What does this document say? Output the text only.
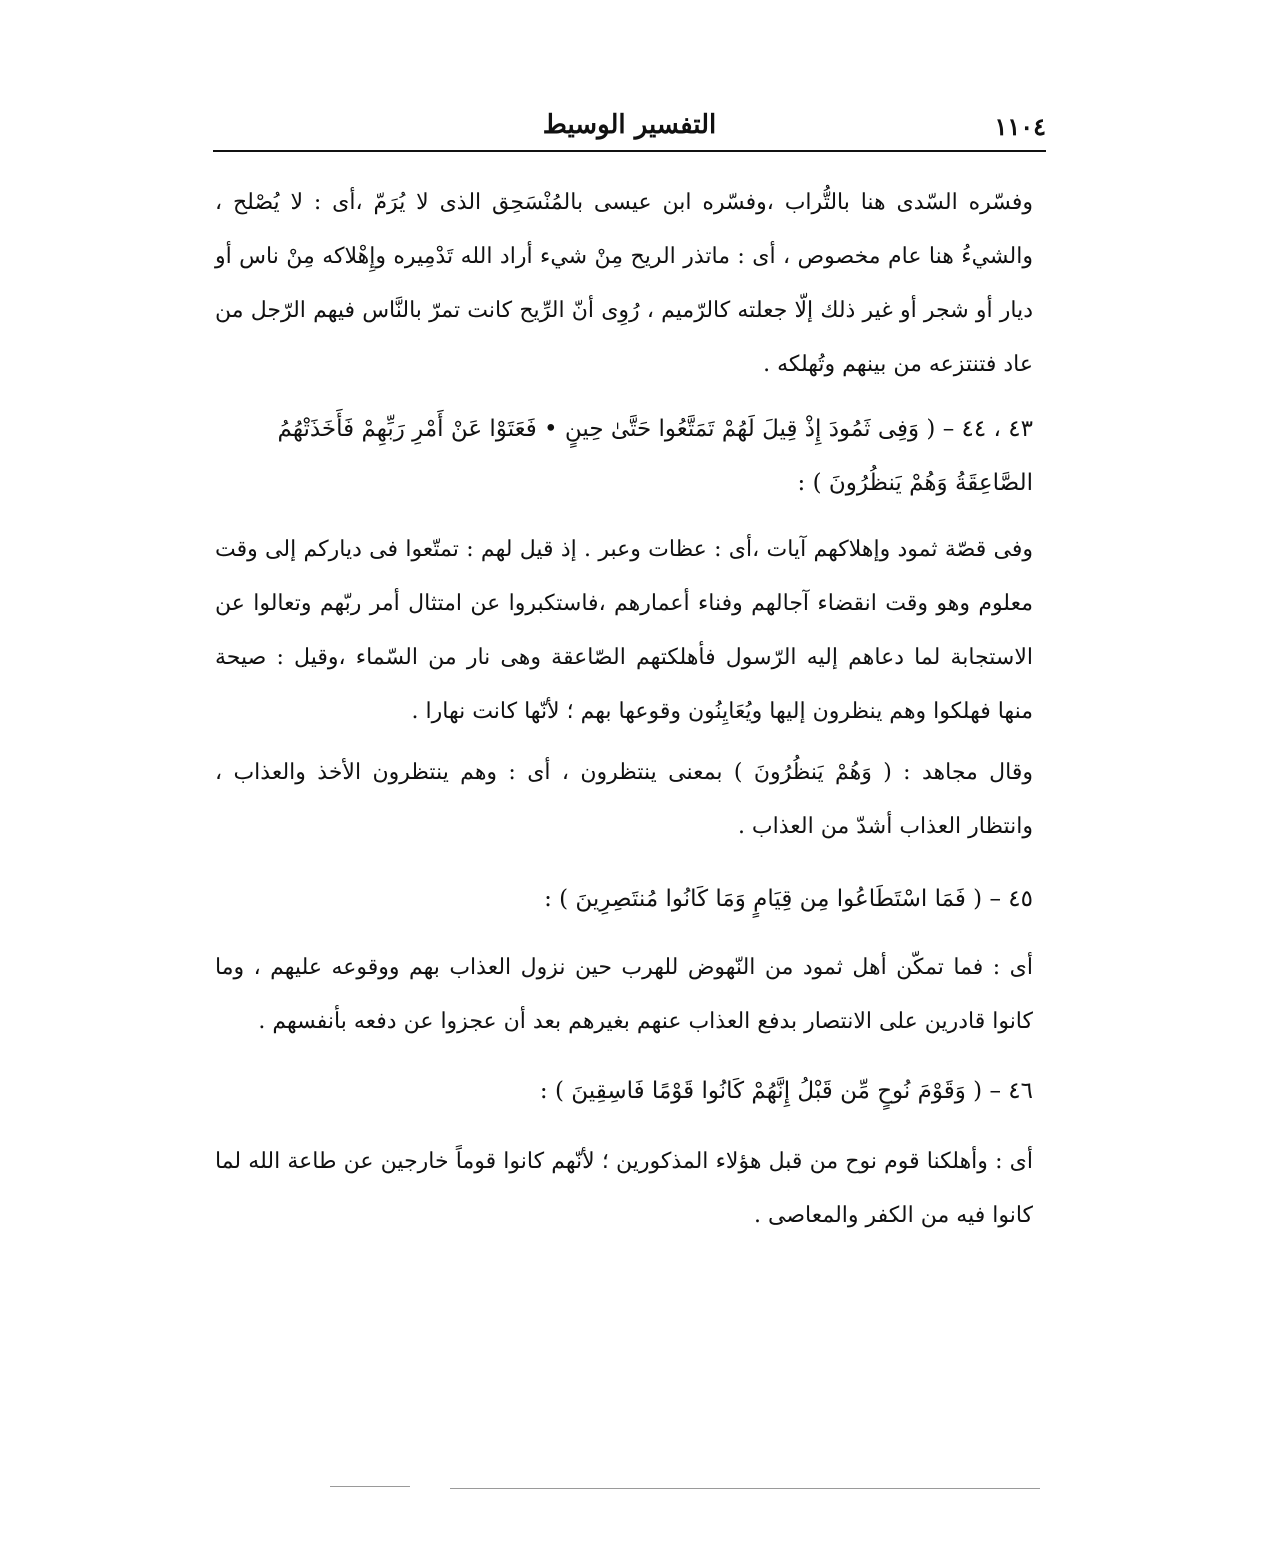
١١٠٤
التفسير الوسيط

وفسّره السّدى هنا بالتُّراب ،وفسّره ابن عيسى بالمُنْسَحِق الذى لا يُرَمّ ،أى : لا يُصْلح ، والشيءُ هنا عام مخصوص ، أى : ماتذر الريح مِنْ شيء أراد الله تَدْمِيره وإِهْلاكه مِنْ ناس أو ديار أو شجر أو غير ذلك إلّا جعلته كالرّميم ، رُوِى أنّ الرِّيح كانت تمرّ بالنَّاس فيهم الرّجل من عاد فتنتزعه من بينهم وتُهلكه .

٤٣ ، ٤٤ – ( وَفِى ثَمُودَ إِذْ قِيلَ لَهُمْ تَمَتَّعُوا حَتَّىٰ حِينٍ • فَعَتَوْا عَنْ أَمْرِ رَبِّهِمْ فَأَخَذَتْهُمُ الصَّاعِقَةُ وَهُمْ يَنظُرُونَ ) :

وفى قصّة ثمود وإهلاكهم آيات ،أى : عظات وعبر . إذ قيل لهم : تمتّعوا فى دياركم إلى وقت معلوم وهو وقت انقضاء آجالهم وفناء أعمارهم ،فاستكبروا عن امتثال أمر ربّهم وتعالوا عن الاستجابة لما دعاهم إليه الرّسول فأهلكتهم الصّاعقة وهى نار من السّماء ،وقيل : صيحة منها فهلكوا وهم ينظرون إليها ويُعَايِنُون وقوعها بهم ؛ لأنّها كانت نهارا .

وقال مجاهد : ( وَهُمْ يَنظُرُونَ ) بمعنى ينتظرون ، أى : وهم ينتظرون الأخذ والعذاب ، وانتظار العذاب أشدّ من العذاب .

٤٥ – ( فَمَا اسْتَطَاعُوا مِن قِيَامٍ وَمَا كَانُوا مُنتَصِرِينَ ) :

أى : فما تمكّن أهل ثمود من النّهوض للهرب حين نزول العذاب بهم ووقوعه عليهم ، وما كانوا قادرين على الانتصار بدفع العذاب عنهم بغيرهم بعد أن عجزوا عن دفعه بأنفسهم .

٤٦ – ( وَقَوْمَ نُوحٍ مِّن قَبْلُ إِنَّهُمْ كَانُوا قَوْمًا فَاسِقِينَ ) :

أى : وأهلكنا قوم نوح من قبل هؤلاء المذكورين ؛ لأنّهم كانوا قوماً خارجين عن طاعة الله لما كانوا فيه من الكفر والمعاصى .
